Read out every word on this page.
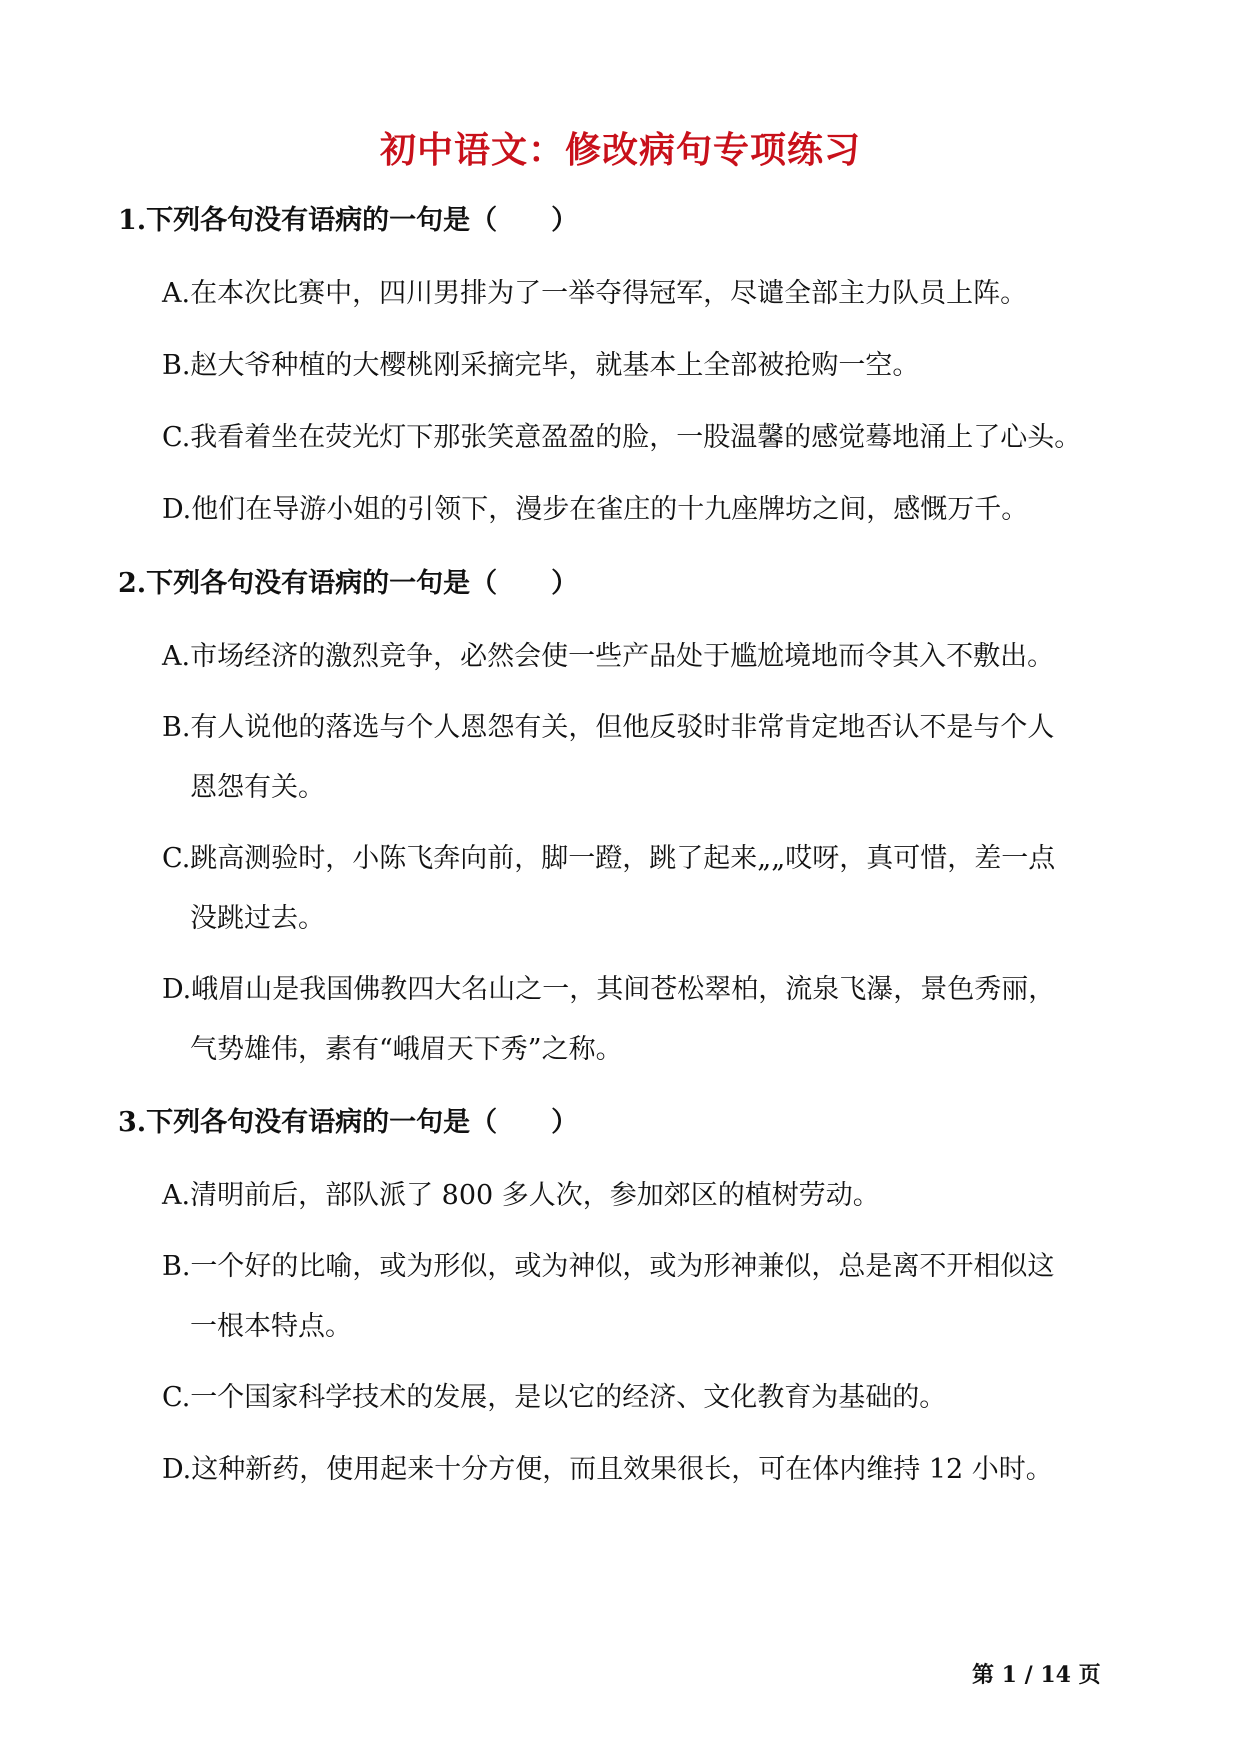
初中语文：修改病句专项练习
1.下列各句没有语病的一句是（　　）
A.在本次比赛中，四川男排为了一举夺得冠军，尽谴全部主力队员上阵。
B.赵大爷种植的大樱桃刚采摘完毕，就基本上全部被抢购一空。
C.我看着坐在荧光灯下那张笑意盈盈的脸，一股温馨的感觉蓦地涌上了心头。
D.他们在导游小姐的引领下，漫步在雀庄的十九座牌坊之间，感慨万千。
2.下列各句没有语病的一句是（　　）
A.市场经济的激烈竞争，必然会使一些产品处于尴尬境地而令其入不敷出。
B.有人说他的落选与个人恩怨有关，但他反驳时非常肯定地否认不是与个人
恩怨有关。
C.跳高测验时，小陈飞奔向前，脚一蹬，跳了起来„„哎呀，真可惜，差一点
没跳过去。
D.峨眉山是我国佛教四大名山之一，其间苍松翠柏，流泉飞瀑，景色秀丽，
气势雄伟，素有“峨眉天下秀”之称。
3.下列各句没有语病的一句是（　　）
A.清明前后，部队派了 800 多人次，参加郊区的植树劳动。
B.一个好的比喻，或为形似，或为神似，或为形神兼似，总是离不开相似这
一根本特点。
C.一个国家科学技术的发展，是以它的经济、文化教育为基础的。
D.这种新药，使用起来十分方便，而且效果很长，可在体内维持 12 小时。
第 1 / 14 页
